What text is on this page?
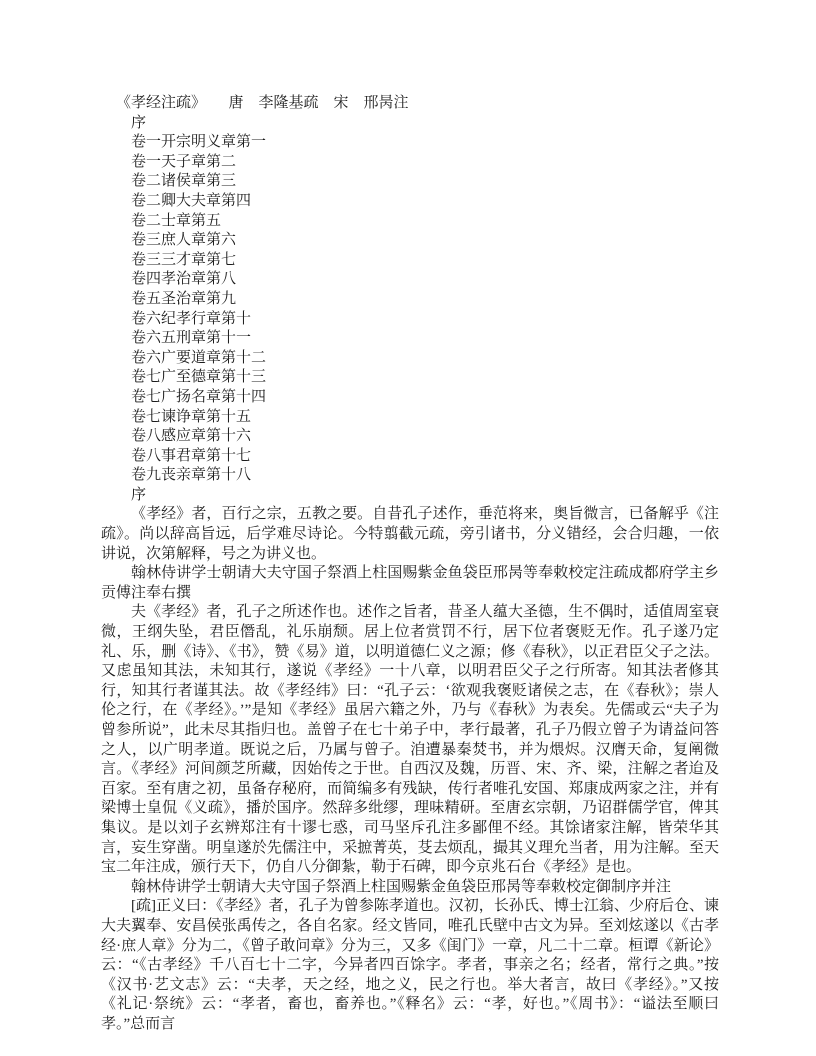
《孝经注疏》　　唐　李隆基疏　宋　邢昺注

序
卷一开宗明义章第一
卷一天子章第二
卷二诸侯章第三
卷二卿大夫章第四
卷二士章第五
卷三庶人章第六
卷三三才章第七
卷四孝治章第八
卷五圣治章第九
卷六纪孝行章第十
卷六五刑章第十一
卷六广要道章第十二
卷七广至德章第十三
卷七广扬名章第十四
卷七谏诤章第十五
卷八感应章第十六
卷八事君章第十七
卷九丧亲章第十八
序

《孝经》者，百行之宗，五教之要。自昔孔子述作，垂范将来，奥旨微言，已备解乎《注疏》。尚以辞高旨远，后学难尽诗论。今特翦截元疏，旁引诸书，分义错经，会合归趣，一依讲说，次第解释，号之为讲义也。

翰林侍讲学士朝请大夫守国子祭酒上柱国赐紫金鱼袋臣邢昺等奉敕校定注疏成都府学主乡贡傅注奉右撰

夫《孝经》者，孔子之所述作也。述作之旨者，昔圣人蕴大圣德，生不偶时，适值周室衰微，王纲失坠，君臣僭乱，礼乐崩颓。居上位者赏罚不行，居下位者褒贬无作。孔子遂乃定礼、乐，删《诗》、《书》，赞《易》道，以明道德仁义之源；修《春秋》，以正君臣父子之法。又虑虽知其法，未知其行，遂说《孝经》一十八章，以明君臣父子之行所寄。知其法者修其行，知其行者谨其法。故《孝经纬》曰：“孔子云：‘欲观我褒贬诸侯之志，在《春秋》；崇人伦之行，在《孝经》。’”是知《孝经》虽居六籍之外，乃与《春秋》为表矣。先儒或云“夫子为曾参所说”，此未尽其指归也。盖曾子在七十弟子中，孝行最著，孔子乃假立曾子为请益问答之人，以广明孝道。既说之后，乃属与曾子。洎遭暴秦焚书，并为煨烬。汉膺天命，复阐微言。《孝经》河间颜芝所藏，因始传之于世。自西汉及魏，历晋、宋、齐、梁，注解之者迨及百家。至有唐之初，虽备存秘府，而简编多有残缺，传行者唯孔安国、郑康成两家之注，并有梁博士皇侃《义疏》，播於国序。然辞多纰缪，理味精研。至唐玄宗朝，乃诏群儒学官，俾其集议。是以刘子玄辨郑注有十谬七惑，司马坚斥孔注多鄙俚不经。其馀诸家注解，皆荣华其言，妄生穿凿。明皇遂於先儒注中，采摭菁英，芟去烦乱，撮其义理允当者，用为注解。至天宝二年注成，颁行天下，仍自八分御紮，勒于石碑，即今京兆石台《孝经》是也。

翰林侍讲学士朝请大夫守国子祭酒上柱国赐紫金鱼袋臣邢昺等奉敕校定御制序并注

[疏]正义曰：《孝经》者，孔子为曾参陈孝道也。汉初，长孙氏、博士江翁、少府后仓、谏大夫翼奉、安昌侯张禹传之，各自名家。经文皆同，唯孔氏壁中古文为异。至刘炫遂以《古孝经·庶人章》分为二，《曾子敢问章》分为三，又多《闺门》一章，凡二十二章。桓谭《新论》云：“《古孝经》千八百七十二字，今异者四百馀字。孝者，事亲之名；经者，常行之典。”按《汉书·艺文志》云：“夫孝，天之经，地之义，民之行也。举大者言，故曰《孝经》。”又按《礼记·祭统》云：“孝者，畜也，畜养也。”《释名》云：“孝，好也。”《周书》：“谥法至顺曰孝。”总而言
